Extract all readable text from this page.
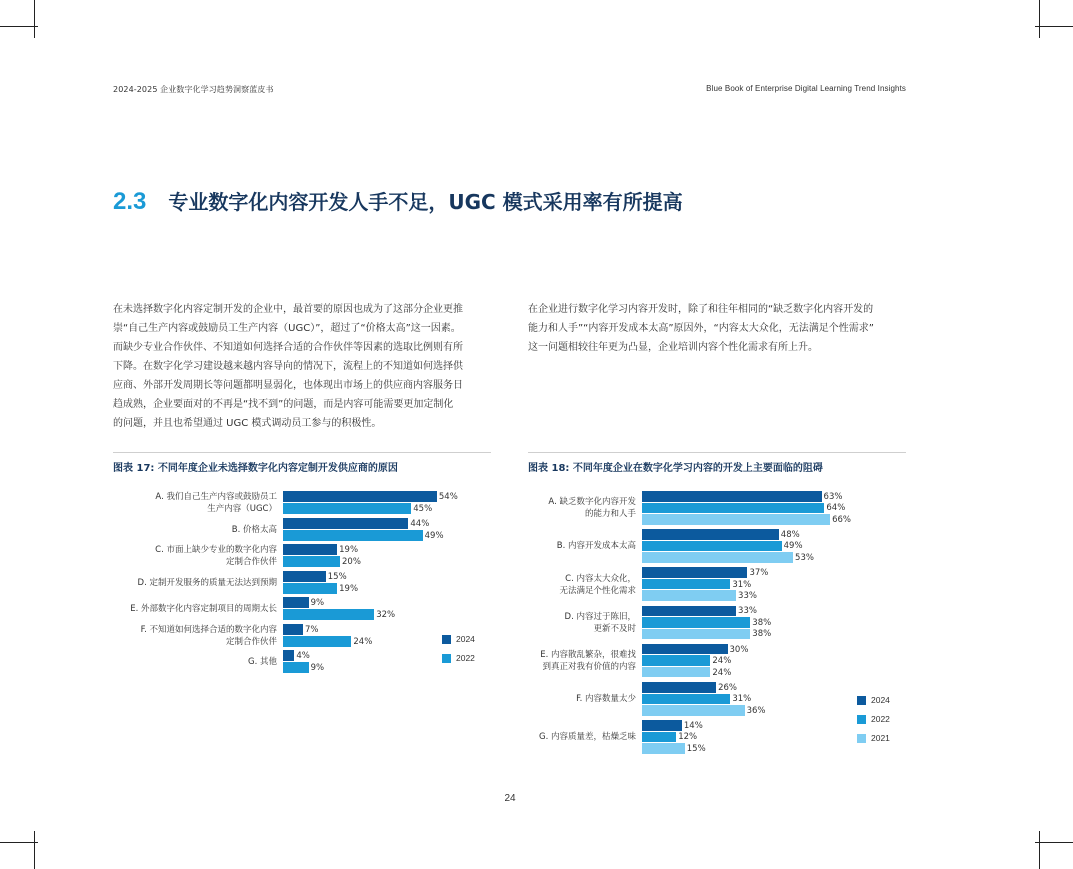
2024-2025 企业数字化学习趋势洞察蓝皮书	Blue Book of Enterprise Digital Learning Trend Insights
2.3 专业数字化内容开发人手不足，UGC 模式采用率有所提高
在未选择数字化内容定制开发的企业中，最首要的原因也成为了这部分企业更推
崇“自己生产内容或鼓励员工生产内容（UGC）”，超过了“价格太高”这一因素。
而缺少专业合作伙伴、不知道如何选择合适的合作伙伴等因素的选取比例则有所
下降。在数字化学习建设越来越内容导向的情况下，流程上的不知道如何选择供
应商、外部开发周期长等问题都明显弱化，也体现出市场上的供应商内容服务日
趋成熟，企业要面对的不再是“找不到”的问题，而是内容可能需要更加定制化
的问题，并且也希望通过 UGC 模式调动员工参与的积极性。
在企业进行数字化学习内容开发时，除了和往年相同的“缺乏数字化内容开发的
能力和人手”“内容开发成本太高”原因外，“内容太大众化，无法满足个性需求”
这一问题相较往年更为凸显，企业培训内容个性化需求有所上升。
图表 17: 不同年度企业未选择数字化内容定制开发供应商的原因	图表 18: 不同年度企业在数字化学习内容的开发上主要面临的阻碍
A. 我们自己生产内容或鼓励员工
生产内容（UGC）
54%
45%
B. 价格太高
44%
49%
C. 市面上缺少专业的数字化内容
定制合作伙伴
19%
20%
D. 定制开发服务的质量无法达到预期
15%
19%
E. 外部数字化内容定制项目的周期太长
9%
32%
F. 不知道如何选择合适的数字化内容
定制合作伙伴
7%
24%
G. 其他
4%
9%
2024
2022
A. 缺乏数字化内容开发
的能力和人手
63%
64%
66%
B. 内容开发成本太高
48%
49%
53%
C. 内容太大众化，
无法满足个性化需求
37%
31%
33%
D. 内容过于陈旧，
更新不及时
33%
38%
38%
E. 内容散乱繁杂，很难找
到真正对我有价值的内容
30%
24%
24%
F. 内容数量太少
26%
31%
36%
G. 内容质量差，枯燥乏味
14%
12%
15%
2024
2022
2021
24
